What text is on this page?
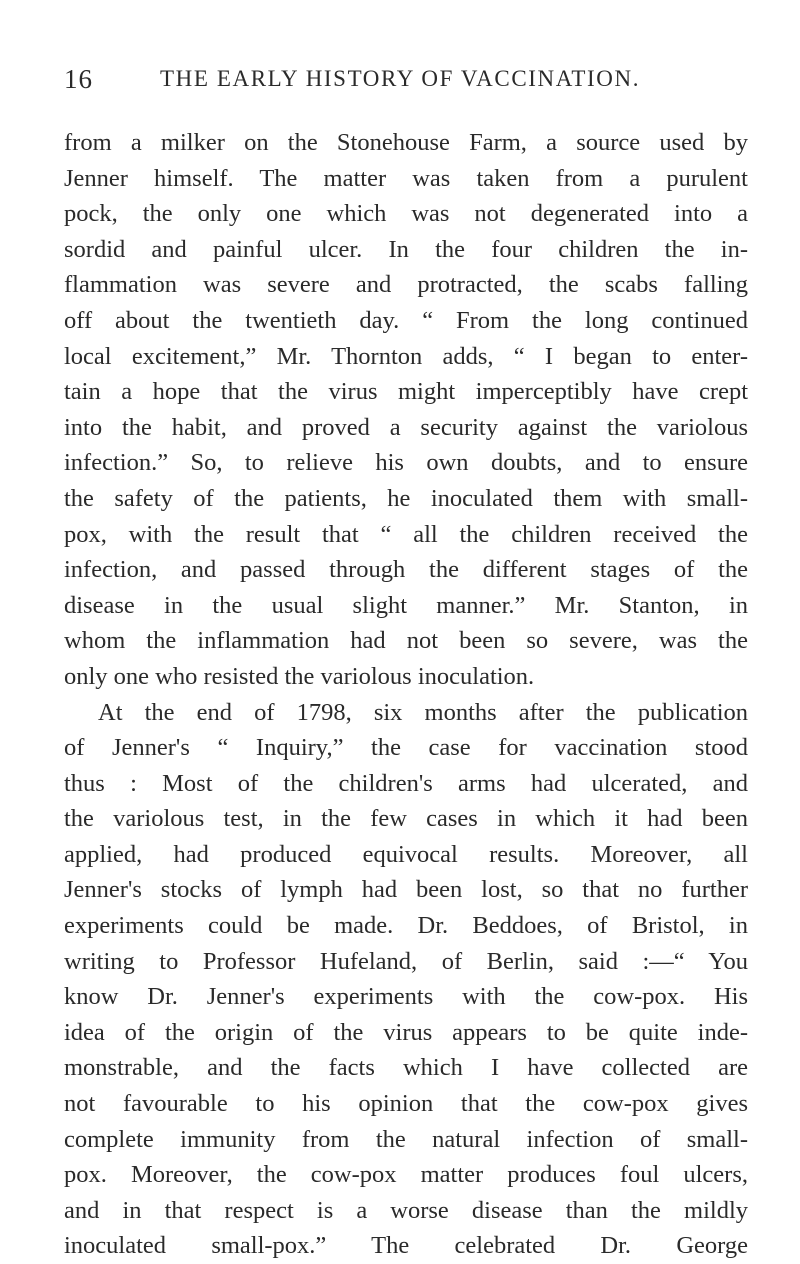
16	THE EARLY HISTORY OF VACCINATION.
from a milker on the Stonehouse Farm, a source used by
Jenner himself. The matter was taken from a purulent
pock, the only one which was not degenerated into a
sordid and painful ulcer. In the four children the in-
flammation was severe and protracted, the scabs falling
off about the twentieth day. “ From the long continued
local excitement,” Mr. Thornton adds, “ I began to enter-
tain a hope that the virus might imperceptibly have crept
into the habit, and proved a security against the variolous
infection.” So, to relieve his own doubts, and to ensure
the safety of the patients, he inoculated them with small-
pox, with the result that “ all the children received the
infection, and passed through the different stages of the
disease in the usual slight manner.” Mr. Stanton, in
whom the inflammation had not been so severe, was the
only one who resisted the variolous inoculation.
At the end of 1798, six months after the publication
of Jenner's “ Inquiry,” the case for vaccination stood
thus : Most of the children's arms had ulcerated, and
the variolous test, in the few cases in which it had been
applied, had produced equivocal results. Moreover, all
Jenner's stocks of lymph had been lost, so that no further
experiments could be made. Dr. Beddoes, of Bristol, in
writing to Professor Hufeland, of Berlin, said :—“ You
know Dr. Jenner's experiments with the cow-pox. His
idea of the origin of the virus appears to be quite inde-
monstrable, and the facts which I have collected are
not favourable to his opinion that the cow-pox gives
complete immunity from the natural infection of small-
pox. Moreover, the cow-pox matter produces foul ulcers,
and in that respect is a worse disease than the mildly
inoculated small-pox.” The celebrated Dr. George
